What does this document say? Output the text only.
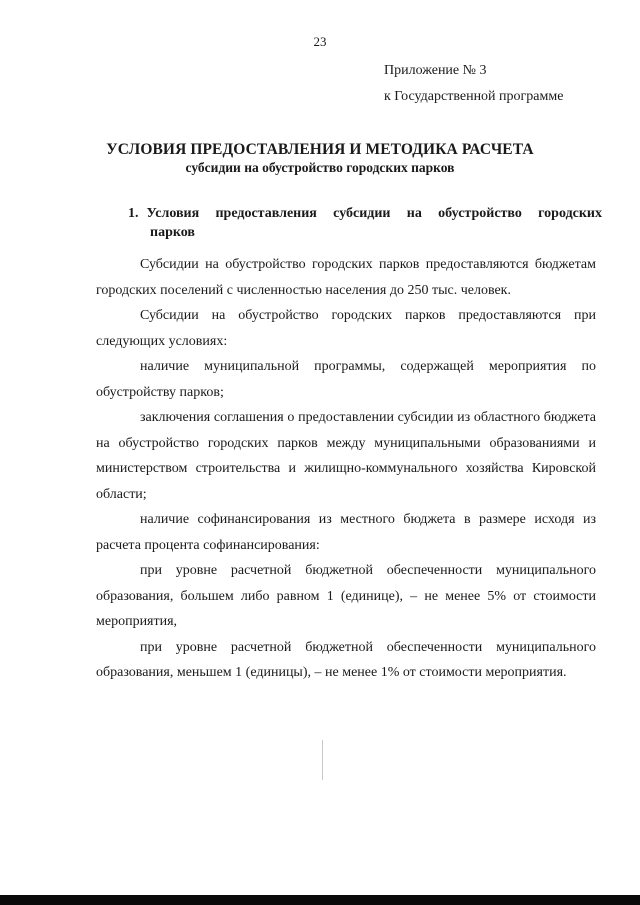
23
Приложение № 3
к Государственной программе
УСЛОВИЯ ПРЕДОСТАВЛЕНИЯ И МЕТОДИКА РАСЧЕТА
субсидии на обустройство городских парков
1. Условия предоставления субсидии на обустройство городских
парков

Субсидии на обустройство городских парков предоставляются бюджетам городских поселений с численностью населения до 250 тыс. человек.

Субсидии на обустройство городских парков предоставляются при следующих условиях:

наличие муниципальной программы, содержащей мероприятия по обустройству парков;

заключения соглашения о предоставлении субсидии из областного бюджета на обустройство городских парков между муниципальными образованиями и министерством строительства и жилищно-коммунального хозяйства Кировской области;

наличие софинансирования из местного бюджета в размере исходя из расчета процента софинансирования:

при уровне расчетной бюджетной обеспеченности муниципального образования, большем либо равном 1 (единице), – не менее 5% от стоимости мероприятия,

при уровне расчетной бюджетной обеспеченности муниципального образования, меньшем 1 (единицы), – не менее 1% от стоимости мероприятия.
